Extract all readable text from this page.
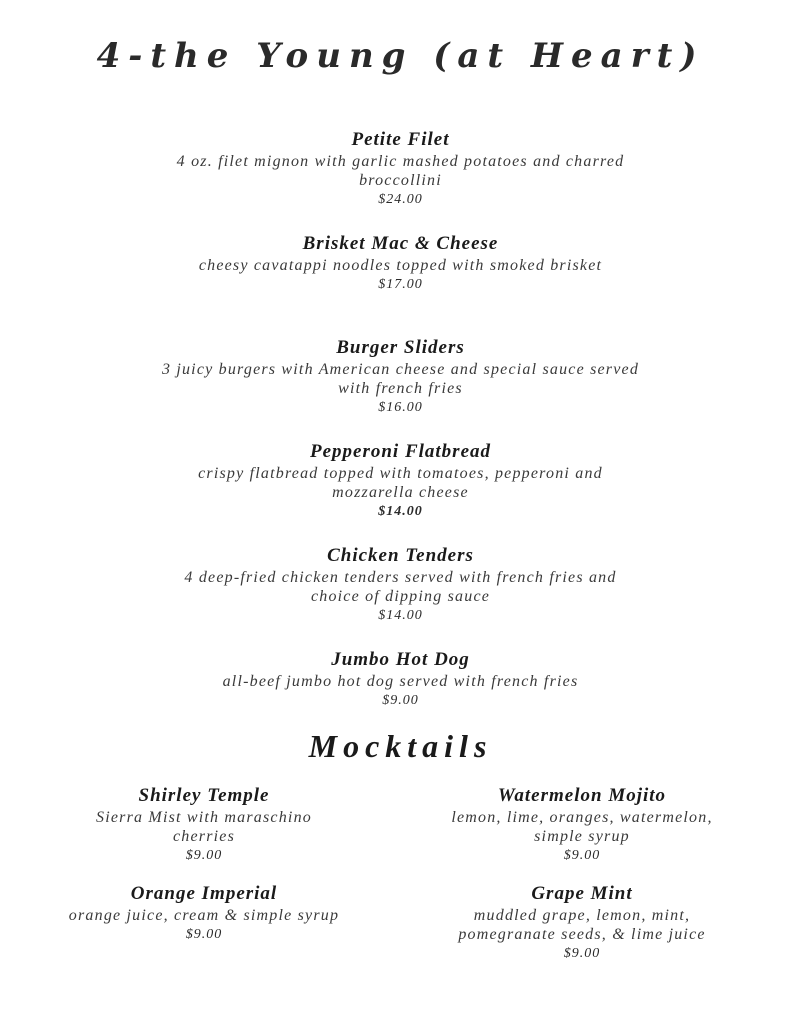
4-the Young (at Heart)
Petite Filet
4 oz. filet mignon with garlic mashed potatoes and charred broccollini
$24.00
Brisket Mac & Cheese
cheesy cavatappi noodles topped with smoked brisket
$17.00
Burger Sliders
3 juicy burgers with American cheese and special sauce served with french fries
$16.00
Pepperoni Flatbread
crispy flatbread topped with tomatoes, pepperoni and mozzarella cheese
$14.00
Chicken Tenders
4 deep-fried chicken tenders served with french fries and choice of dipping sauce
$14.00
Jumbo Hot Dog
all-beef jumbo hot dog served with french fries
$9.00
Mocktails
Shirley Temple
Sierra Mist with maraschino cherries
$9.00
Orange Imperial
orange juice, cream & simple syrup
$9.00
Watermelon Mojito
lemon, lime, oranges, watermelon, simple syrup
$9.00
Grape Mint
muddled grape, lemon, mint, pomegranate seeds, & lime juice
$9.00
